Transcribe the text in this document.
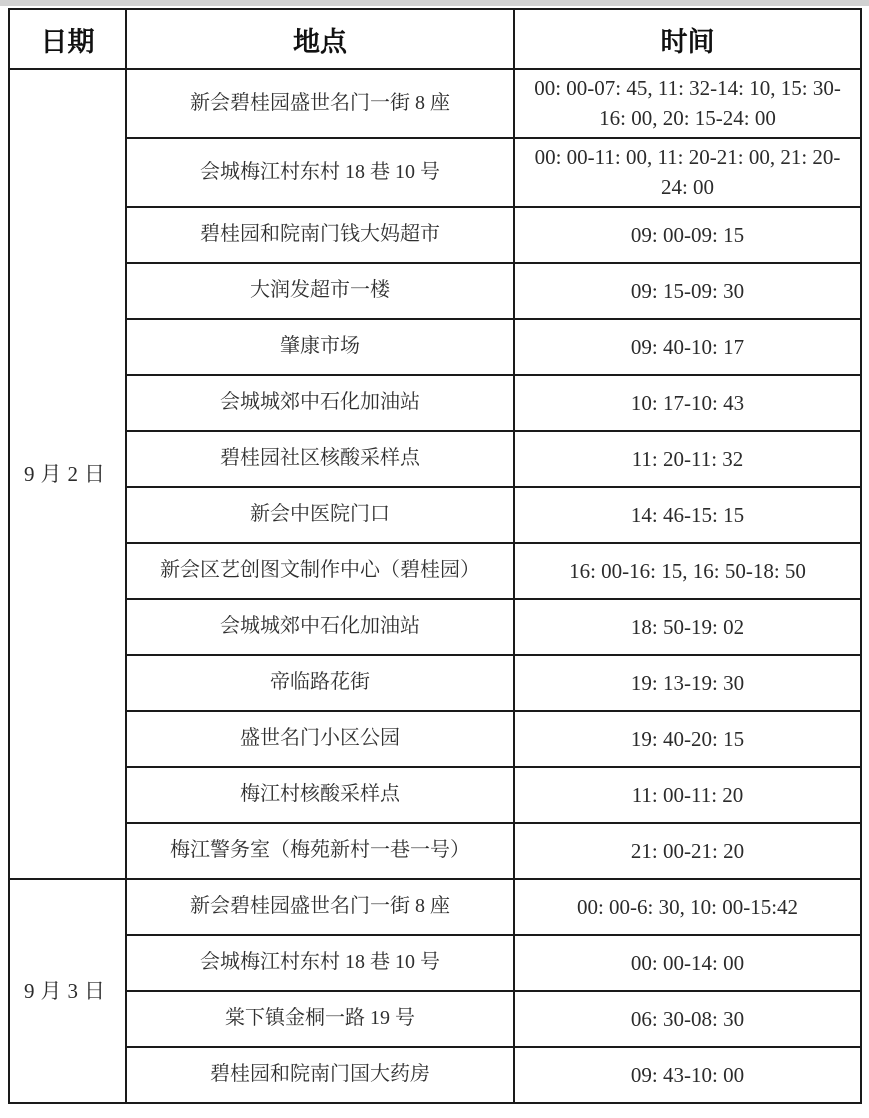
日期	地点	时间
9月2日	新会碧桂园盛世名门一街 8 座	00: 00-07: 45, 11: 32-14: 10, 15: 30-16: 00, 20: 15-24: 00
	会城梅江村东村 18 巷 10 号	00: 00-11: 00, 11: 20-21: 00, 21: 20-24: 00
	碧桂园和院南门钱大妈超市	09: 00-09: 15
	大润发超市一楼	09: 15-09: 30
	肇康市场	09: 40-10: 17
	会城城郊中石化加油站	10: 17-10: 43
	碧桂园社区核酸采样点	11: 20-11: 32
	新会中医院门口	14: 46-15: 15
	新会区艺创图文制作中心（碧桂园）	16: 00-16: 15, 16: 50-18: 50
	会城城郊中石化加油站	18: 50-19: 02
	帝临路花街	19: 13-19: 30
	盛世名门小区公园	19: 40-20: 15
	梅江村核酸采样点	11: 00-11: 20
	梅江警务室（梅苑新村一巷一号）	21: 00-21: 20
9月3日	新会碧桂园盛世名门一街 8 座	00: 00-6: 30, 10: 00-15:42
	会城梅江村东村 18 巷 10 号	00: 00-14: 00
	棠下镇金桐一路 19 号	06: 30-08: 30
	碧桂园和院南门国大药房	09: 43-10: 00
